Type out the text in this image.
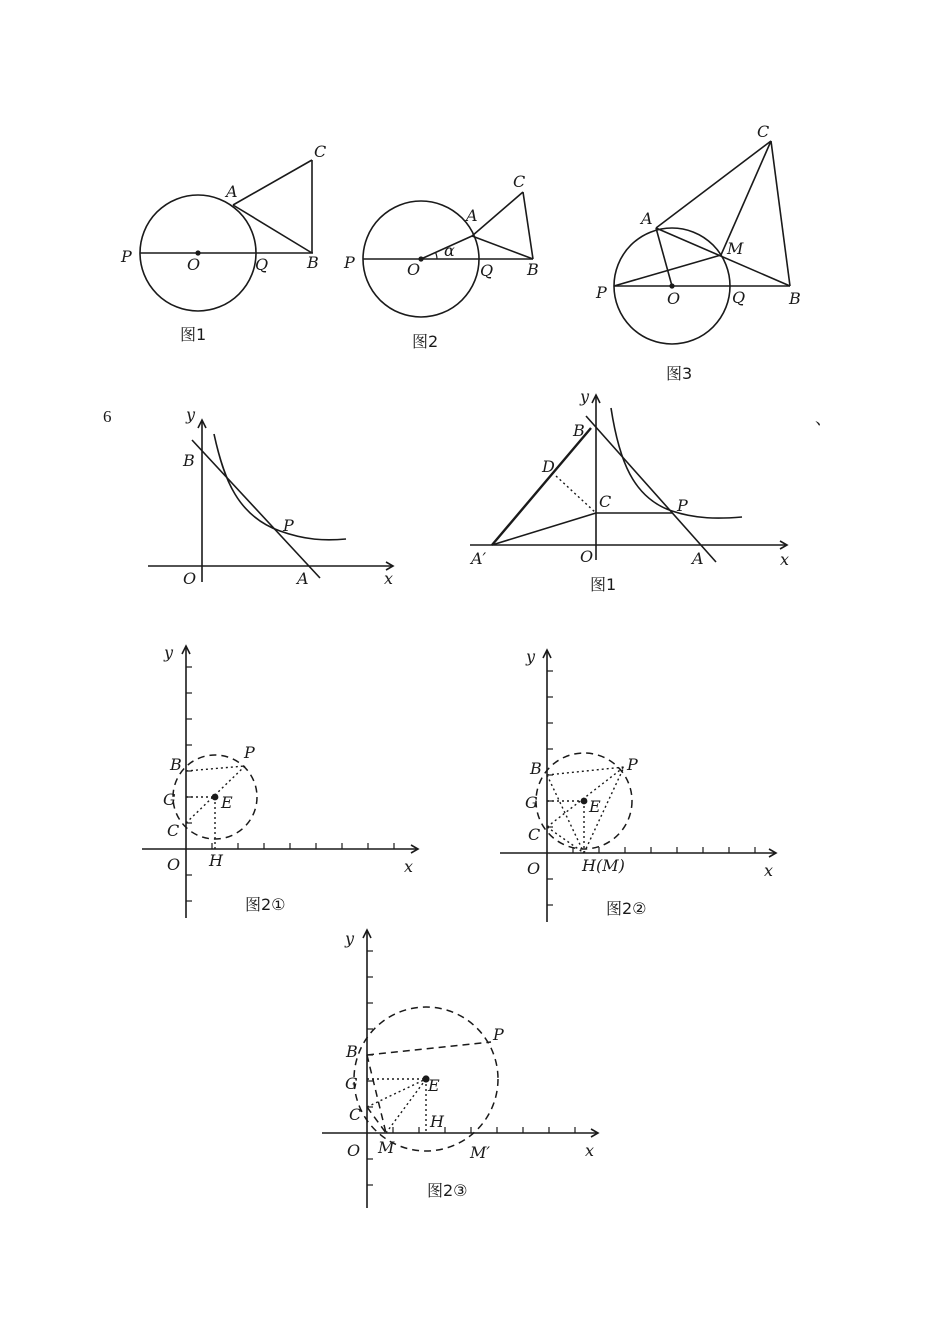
P	O	Q B
A
C
图1
P	O	Q B
A
C
α
图2
P	O	Q	B
A
C
M
图3
6	、
y
x
O
B
A
P
y
x
O
B
A
P
C
D
A′
图1
y
x
O
B
G
C
E
P
H
图2①
y
x
O
B
G
C
E
P
H(M)
图2②
y
x
O
B
G
C
E
P
H
M	M′
图2③
